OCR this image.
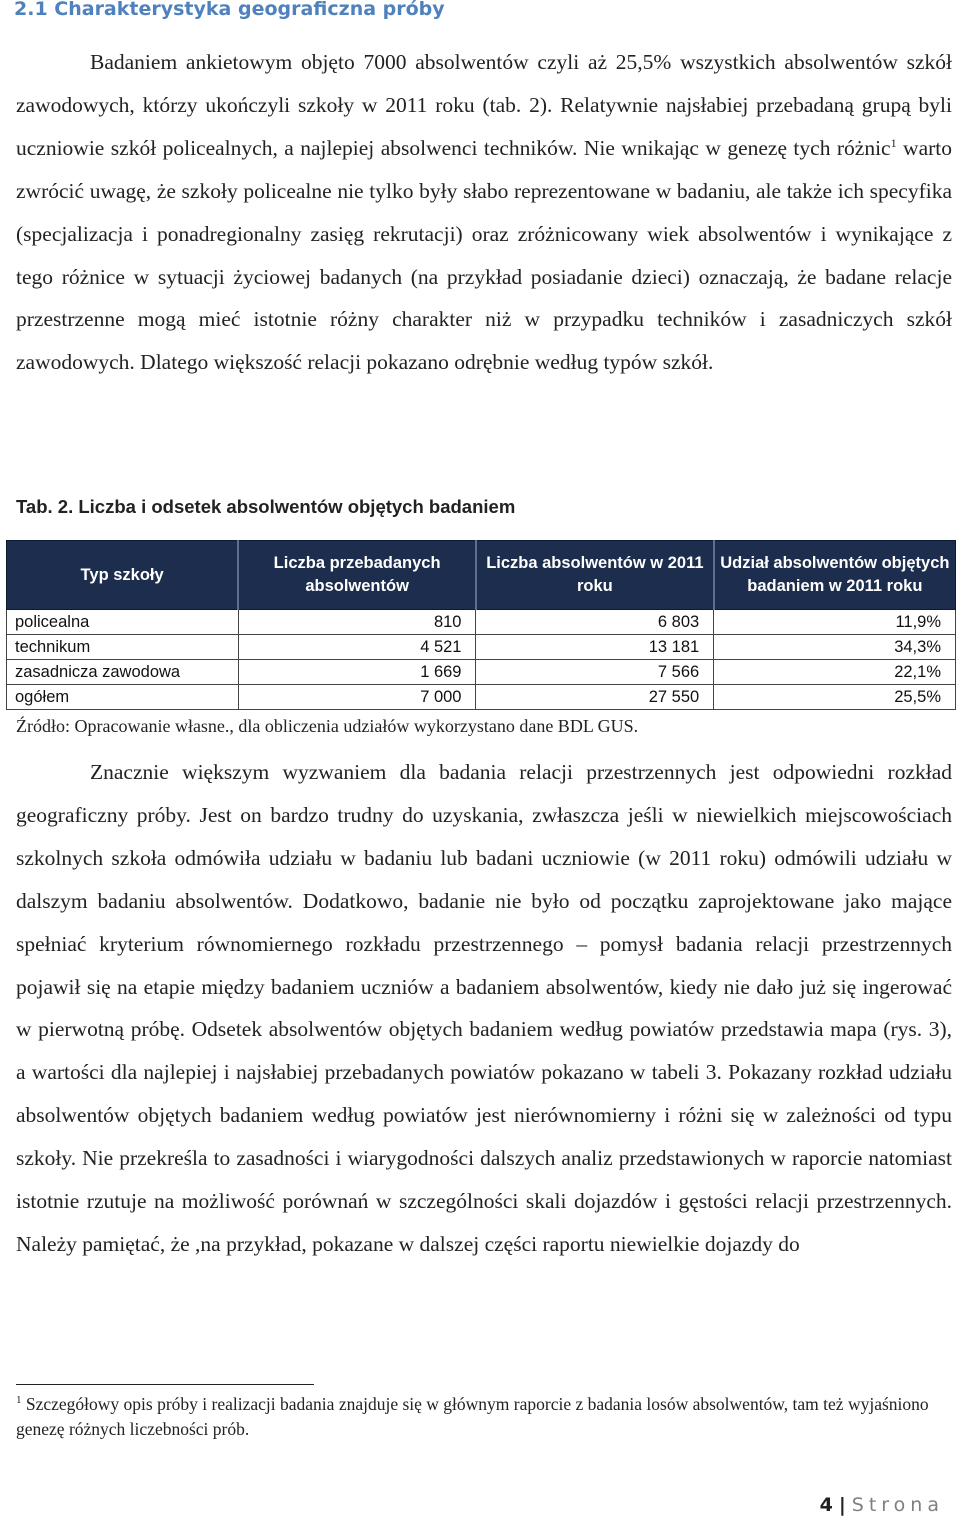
2.1 Charakterystyka geograficzna próby

Badaniem ankietowym objęto 7000 absolwentów czyli aż 25,5% wszystkich absolwentów szkół zawodowych, którzy ukończyli szkoły w 2011 roku (tab. 2). Relatywnie najsłabiej przebadaną grupą byli uczniowie szkół policealnych, a najlepiej absolwenci techników. Nie wnikając w genezę tych różnic$^1$ warto zwrócić uwagę, że szkoły policealne nie tylko były słabo reprezentowane w badaniu, ale także ich specyfika (specjalizacja i ponadregionalny zasięg rekrutacji) oraz zróżnicowany wiek absolwentów i wynikające z tego różnice w sytuacji życiowej badanych (na przykład posiadanie dzieci) oznaczają, że badane relacje przestrzenne mogą mieć istotnie różny charakter niż w przypadku techników i zasadniczych szkół zawodowych. Dlatego większość relacji pokazano odrębnie według typów szkół.

Tab. 2. Liczba i odsetek absolwentów objętych badaniem

Typ szkoły	Liczba przebadanych absolwentów	Liczba absolwentów w 2011 roku	Udział absolwentów objętych badaniem w 2011 roku
policealna	810	6 803	11,9%
technikum	4 521	13 181	34,3%
zasadnicza zawodowa	1 669	7 566	22,1%
ogółem	7 000	27 550	25,5%

Źródło: Opracowanie własne., dla obliczenia udziałów wykorzystano dane BDL GUS.

Znacznie większym wyzwaniem dla badania relacji przestrzennych jest odpowiedni rozkład geograficzny próby. Jest on bardzo trudny do uzyskania, zwłaszcza jeśli w niewielkich miejscowościach szkolnych szkoła odmówiła udziału w badaniu lub badani uczniowie (w 2011 roku) odmówili udziału w dalszym badaniu absolwentów. Dodatkowo, badanie nie było od początku zaprojektowane jako mające spełniać kryterium równomiernego rozkładu przestrzennego – pomysł badania relacji przestrzennych pojawił się na etapie między badaniem uczniów a badaniem absolwentów, kiedy nie dało już się ingerować w pierwotną próbę. Odsetek absolwentów objętych badaniem według powiatów przedstawia mapa (rys. 3), a wartości dla najlepiej i najsłabiej przebadanych powiatów pokazano w tabeli 3. Pokazany rozkład udziału absolwentów objętych badaniem według powiatów jest nierównomierny i różni się w zależności od typu szkoły. Nie przekreśla to zasadności i wiarygodności dalszych analiz przedstawionych w raporcie natomiast istotnie rzutuje na możliwość porównań w szczególności skali dojazdów i gęstości relacji przestrzennych. Należy pamiętać, że ,na przykład, pokazane w dalszej części raportu niewielkie dojazdy do

$^1$ Szczegółowy opis próby i realizacji badania znajduje się w głównym raporcie z badania losów absolwentów, tam też wyjaśniono genezę różnych liczebności prób.

4 | Strona
